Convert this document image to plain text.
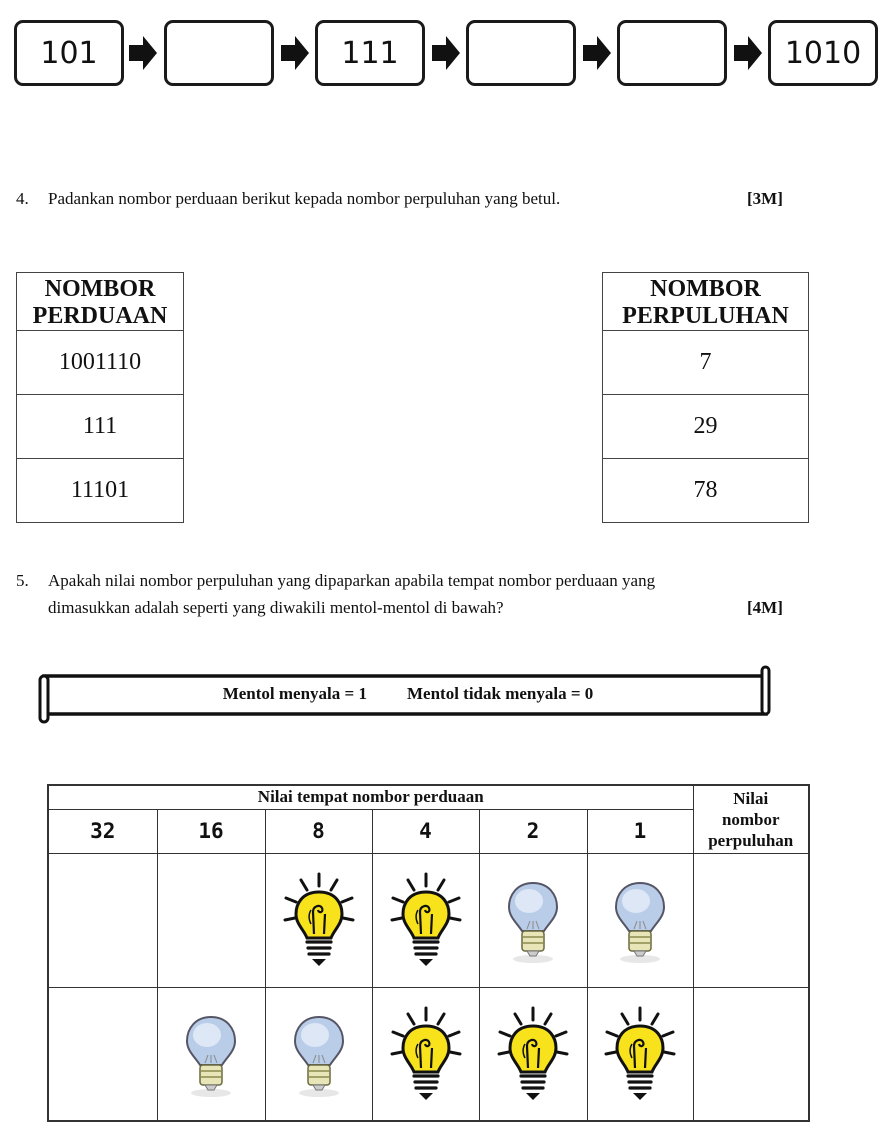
101	111	1010
4. Padankan nombor perduaan berikut kepada nombor perpuluhan yang betul.	[3M]
NOMBOR
PERDUAAN
1001110
111
11101
NOMBOR
PERPULUHAN
7
29
78
5. Apakah nilai nombor perpuluhan yang dipaparkan apabila tempat nombor perduaan yang
dimasukkan adalah seperti yang diwakili mentol-mentol di bawah?	[4M]
Mentol menyala = 1 Mentol tidak menyala = 0
Nilai tempat nombor perduaan						Nilai
nombor
perpuluhan
32	16	8	4	2	1	
